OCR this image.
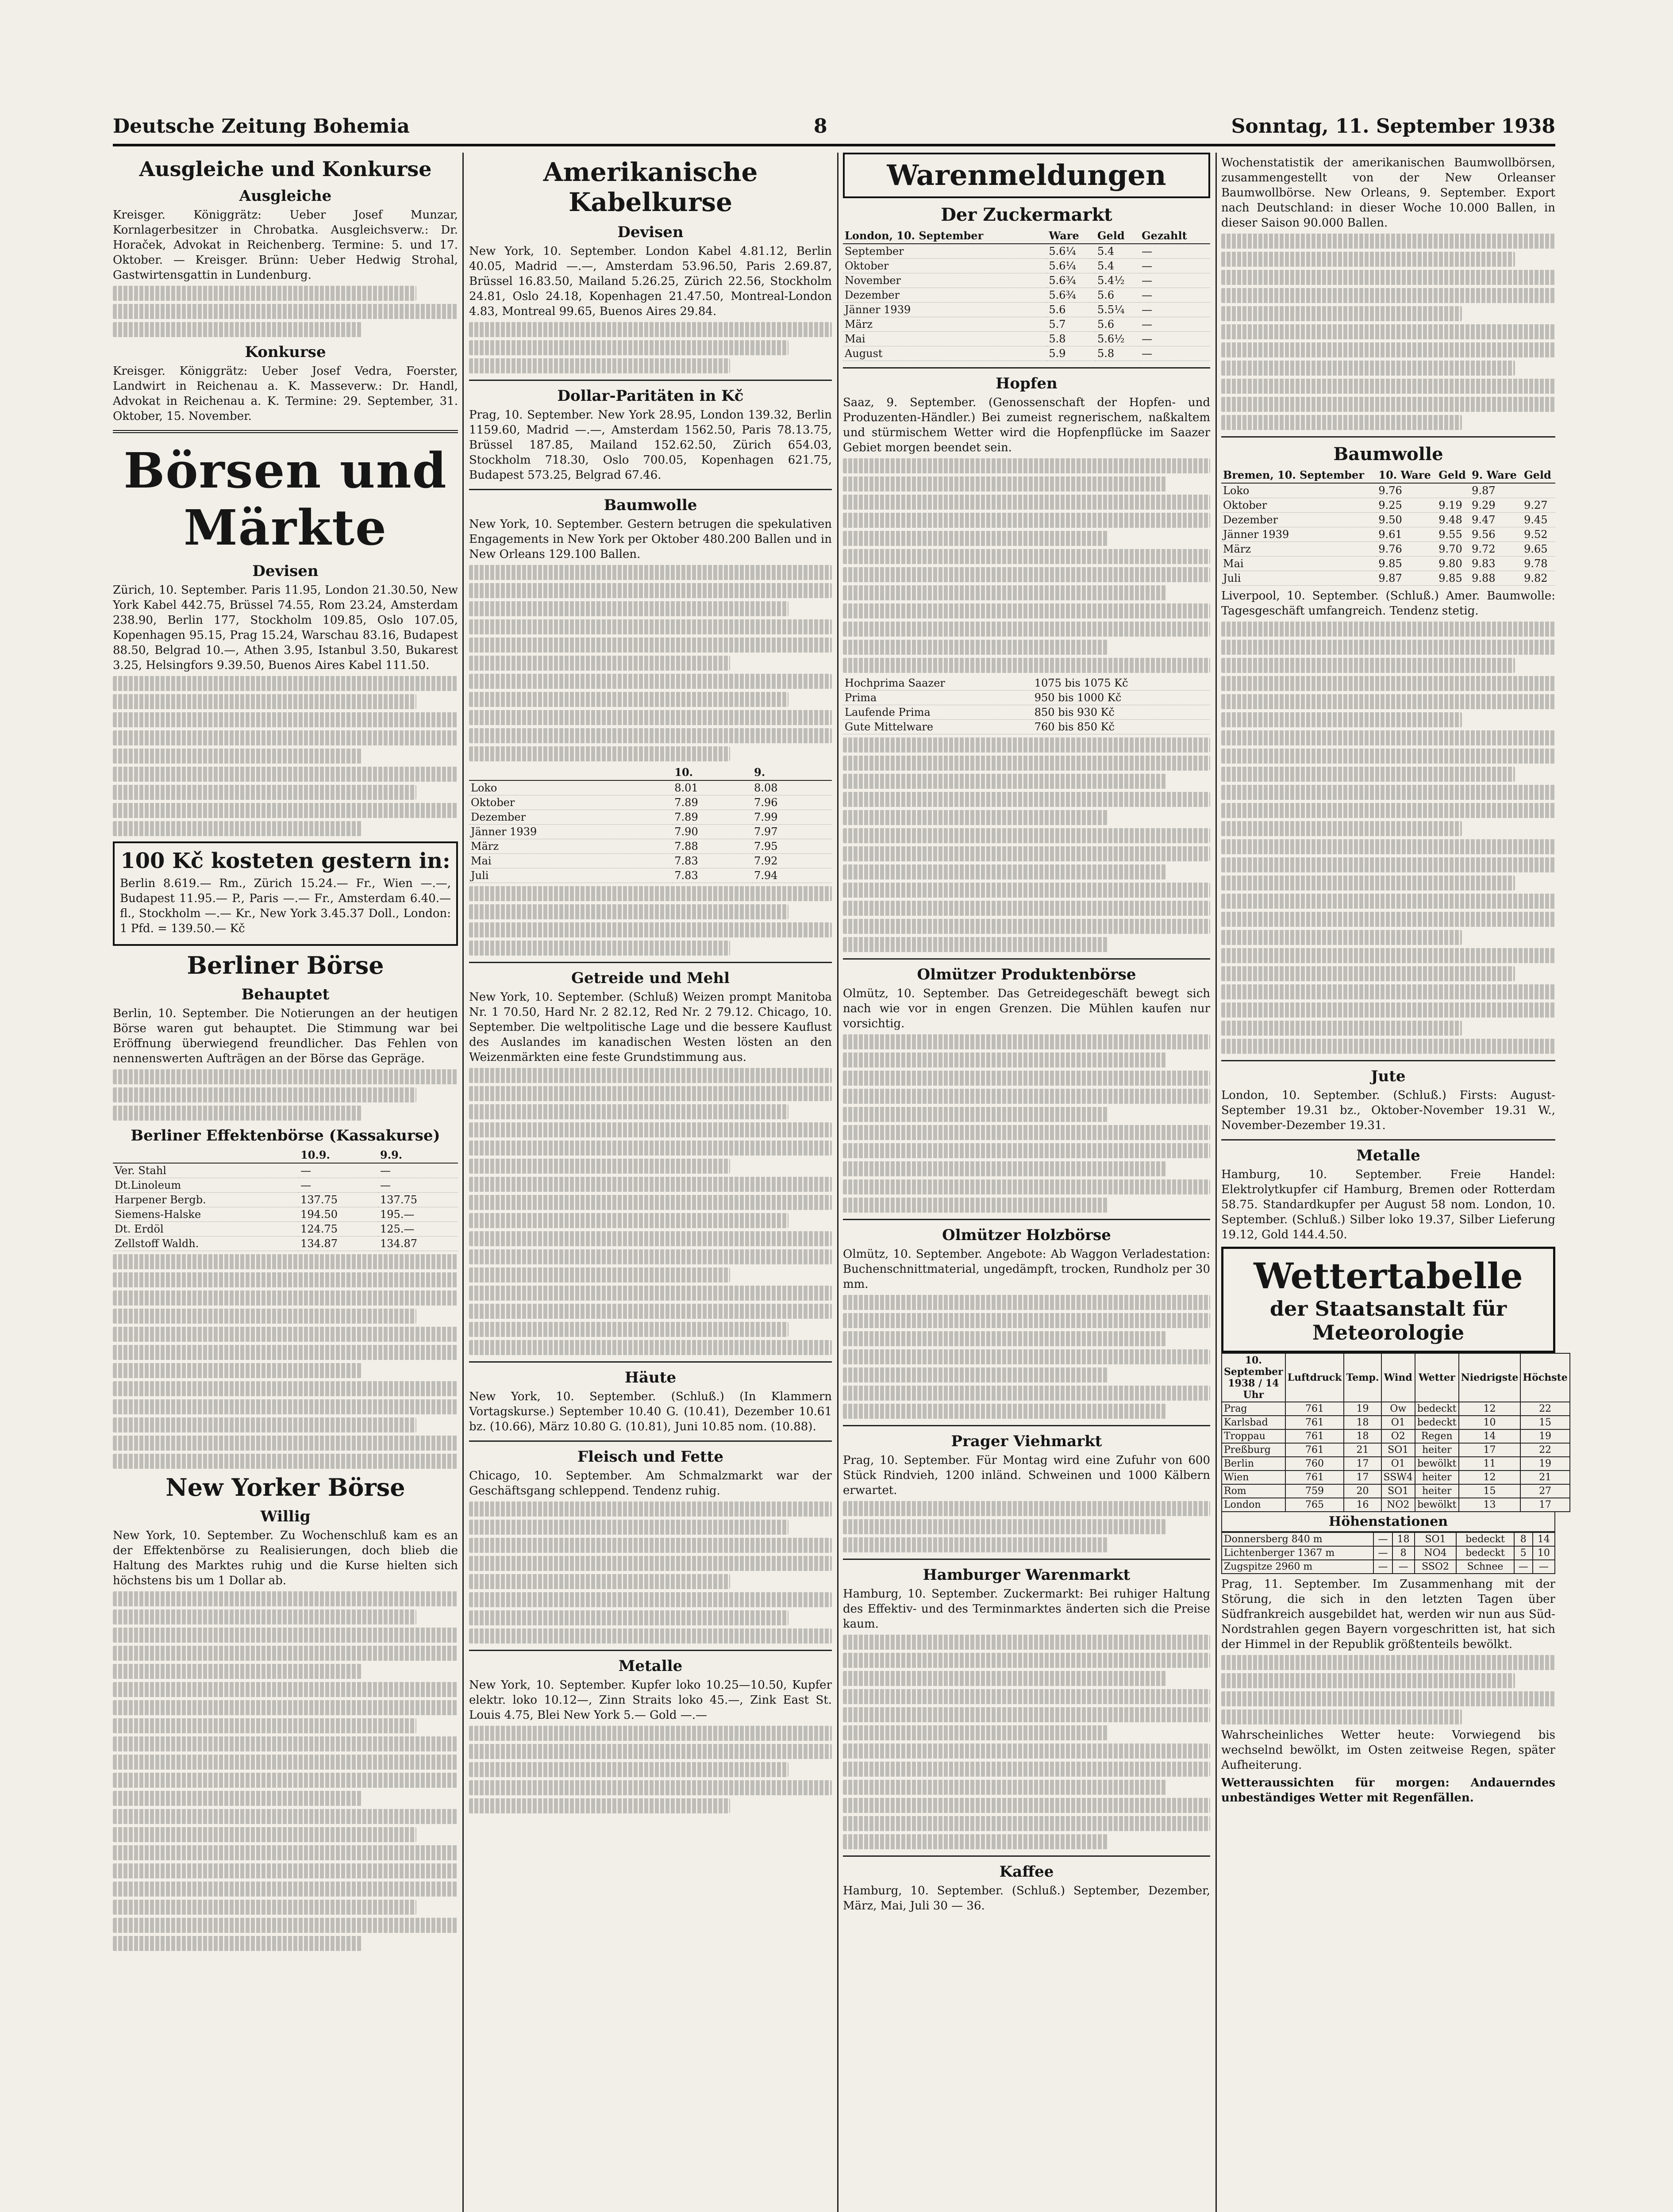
Deutsche Zeitung Bohemia	8	Sonntag, 11. September 1938
Ausgleiche und Konkurse
Ausgleiche

Kreisger. Königgrätz: Ueber Josef Munzar, Kornlagerbesitzer in Chrobatka. Ausgleichsverw.: Dr. Horaček, Advokat in Reichenberg. Termine: 5. und 17. Oktober. — Kreisger. Brünn: Ueber Hedwig Strohal, Gastwirtensgattin in Lundenburg.

Konkurse

Kreisger. Königgrätz: Ueber Josef Vedra, Foerster, Landwirt in Reichenau a. K. Masseverw.: Dr. Handl, Advokat in Reichenau a. K. Termine: 29. September, 31. Oktober, 15. November.

Börsen und Märkte
Devisen

Zürich, 10. September. Paris 11.95, London 21.30.50, New York Kabel 442.75, Brüssel 74.55, Rom 23.24, Amsterdam 238.90, Berlin 177, Stockholm 109.85, Oslo 107.05, Kopenhagen 95.15, Prag 15.24, Warschau 83.16, Budapest 88.50, Belgrad 10.—, Athen 3.95, Istanbul 3.50, Bukarest 3.25, Helsingfors 9.39.50, Buenos Aires Kabel 111.50.

100 Kč kosteten gestern in:

Berlin 8.619.— Rm., Zürich 15.24.— Fr., Wien —.—, Budapest 11.95.— P., Paris —.— Fr., Amsterdam 6.40.— fl., Stockholm —.— Kr., New York 3.45.37 Doll., London: 1 Pfd. = 139.50.— Kč

Berliner Börse
Behauptet

Berlin, 10. September. Die Notierungen an der heutigen Börse waren gut behauptet. Die Stimmung war bei Eröffnung überwiegend freundlicher. Das Fehlen von nennenswerten Aufträgen an der Börse das Gepräge.

Berliner Effektenbörse (Kassakurse)
	10.9.	9.9.
Ver. Stahl	—	—
Dt.Linoleum	—	—
Harpener Bergb.	137.75	137.75
Siemens-Halske	194.50	195.—
Dt. Erdöl	124.75	125.—
Zellstoff Waldh.	134.87	134.87
New Yorker Börse
Willig

New York, 10. September. Zu Wochenschluß kam es an der Effektenbörse zu Realisierungen, doch blieb die Haltung des Marktes ruhig und die Kurse hielten sich höchstens bis um 1 Dollar ab.

Amerikanische Kabelkurse
Devisen

New York, 10. September. London Kabel 4.81.12, Berlin 40.05, Madrid —.—, Amsterdam 53.96.50, Paris 2.69.87, Brüssel 16.83.50, Mailand 5.26.25, Zürich 22.56, Stockholm 24.81, Oslo 24.18, Kopenhagen 21.47.50, Montreal-London 4.83, Montreal 99.65, Buenos Aires 29.84.

Dollar-Paritäten in Kč

Prag, 10. September. New York 28.95, London 139.32, Berlin 1159.60, Madrid —.—, Amsterdam 1562.50, Paris 78.13.75, Brüssel 187.85, Mailand 152.62.50, Zürich 654.03, Stockholm 718.30, Oslo 700.05, Kopenhagen 621.75, Budapest 573.25, Belgrad 67.46.

Baumwolle

New York, 10. September. Gestern betrugen die spekulativen Engagements in New York per Oktober 480.200 Ballen und in New Orleans 129.100 Ballen.

	10.	9.
Loko	8.01	8.08
Oktober	7.89	7.96
Dezember	7.89	7.99
Jänner 1939	7.90	7.97
März	7.88	7.95
Mai	7.83	7.92
Juli	7.83	7.94
Getreide und Mehl

New York, 10. September. (Schluß) Weizen prompt Manitoba Nr. 1 70.50, Hard Nr. 2 82.12, Red Nr. 2 79.12. Chicago, 10. September. Die weltpolitische Lage und die bessere Kauflust des Auslandes im kanadischen Westen lösten an den Weizenmärkten eine feste Grundstimmung aus.

Häute

New York, 10. September. (Schluß.) (In Klammern Vortagskurse.) September 10.40 G. (10.41), Dezember 10.61 bz. (10.66), März 10.80 G. (10.81), Juni 10.85 nom. (10.88).

Fleisch und Fette

Chicago, 10. September. Am Schmalzmarkt war der Geschäftsgang schleppend. Tendenz ruhig.

Metalle

New York, 10. September. Kupfer loko 10.25—10.50, Kupfer elektr. loko 10.12—, Zinn Straits loko 45.—, Zink East St. Louis 4.75, Blei New York 5.— Gold —.—

Warenmeldungen
Der Zuckermarkt
London, 10. September	Ware	Geld	Gezahlt
September	5.6¼	5.4	—
Oktober	5.6¼	5.4	—
November	5.6¾	5.4½	—
Dezember	5.6¾	5.6	—
Jänner 1939	5.6	5.5¼	—
März	5.7	5.6	—
Mai	5.8	5.6½	—
August	5.9	5.8	—
Hopfen

Saaz, 9. September. (Genossenschaft der Hopfen- und Produzenten-Händler.) Bei zumeist regnerischem, naßkaltem und stürmischem Wetter wird die Hopfenpflücke im Saazer Gebiet morgen beendet sein.

Hochprima Saazer	1075 bis 1075 Kč
Prima	950 bis 1000 Kč
Laufende Prima	850 bis 930 Kč
Gute Mittelware	760 bis 850 Kč
Olmützer Produktenbörse

Olmütz, 10. September. Das Getreidegeschäft bewegt sich nach wie vor in engen Grenzen. Die Mühlen kaufen nur vorsichtig.

Olmützer Holzbörse

Olmütz, 10. September. Angebote: Ab Waggon Verladestation: Buchenschnittmaterial, ungedämpft, trocken, Rundholz per 30 mm.

Prager Viehmarkt

Prag, 10. September. Für Montag wird eine Zufuhr von 600 Stück Rindvieh, 1200 inländ. Schweinen und 1000 Kälbern erwartet.

Hamburger Warenmarkt

Hamburg, 10. September. Zuckermarkt: Bei ruhiger Haltung des Effektiv- und des Terminmarktes änderten sich die Preise kaum.

Kaffee

Hamburg, 10. September. (Schluß.) September, Dezember, März, Mai, Juli 30 — 36.

Wochenstatistik der amerikanischen Baumwollbörsen, zusammengestellt von der New Orleanser Baumwollbörse. New Orleans, 9. September. Export nach Deutschland: in dieser Woche 10.000 Ballen, in dieser Saison 90.000 Ballen.

Baumwolle
Bremen, 10. September	10. Ware	Geld	9. Ware	Geld
Loko	9.76		9.87	
Oktober	9.25	9.19	9.29	9.27
Dezember	9.50	9.48	9.47	9.45
Jänner 1939	9.61	9.55	9.56	9.52
März	9.76	9.70	9.72	9.65
Mai	9.85	9.80	9.83	9.78
Juli	9.87	9.85	9.88	9.82

Liverpool, 10. September. (Schluß.) Amer. Baumwolle: Tagesgeschäft umfangreich. Tendenz stetig.

Jute

London, 10. September. (Schluß.) Firsts: August-September 19.31 bz., Oktober-November 19.31 W., November-Dezember 19.31.

Metalle

Hamburg, 10. September. Freie Handel: Elektrolytkupfer cif Hamburg, Bremen oder Rotterdam 58.75. Standardkupfer per August 58 nom. London, 10. September. (Schluß.) Silber loko 19.37, Silber Lieferung 19.12, Gold 144.4.50.

Wettertabelle
der Staatsanstalt für Meteorologie
10. September 1938 / 14 Uhr	Luftdruck	Temp.	Wind	Wetter	Niedrigste	Höchste
Prag	761	19	Ow	bedeckt	12	22
Karlsbad	761	18	O1	bedeckt	10	15
Troppau	761	18	O2	Regen	14	19
Preßburg	761	21	SO1	heiter	17	22
Berlin	760	17	O1	bewölkt	11	19
Wien	761	17	SSW4	heiter	12	21
Rom	759	20	SO1	heiter	15	27
London	765	16	NO2	bewölkt	13	17
Höhenstationen
Donnersberg 840 m	—	18	SO1	bedeckt	8	14
Lichtenberger 1367 m	—	8	NO4	bedeckt	5	10
Zugspitze 2960 m	—	—	SSO2	Schnee	—	—

Prag, 11. September. Im Zusammenhang mit der Störung, die sich in den letzten Tagen über Südfrankreich ausgebildet hat, werden wir nun aus Süd-Nordstrahlen gegen Bayern vorgeschritten ist, hat sich der Himmel in der Republik größtenteils bewölkt.

Wahrscheinliches Wetter heute: Vorwiegend bis wechselnd bewölkt, im Osten zeitweise Regen, später Aufheiterung.

Wetteraussichten für morgen: Andauerndes unbeständiges Wetter mit Regenfällen.
